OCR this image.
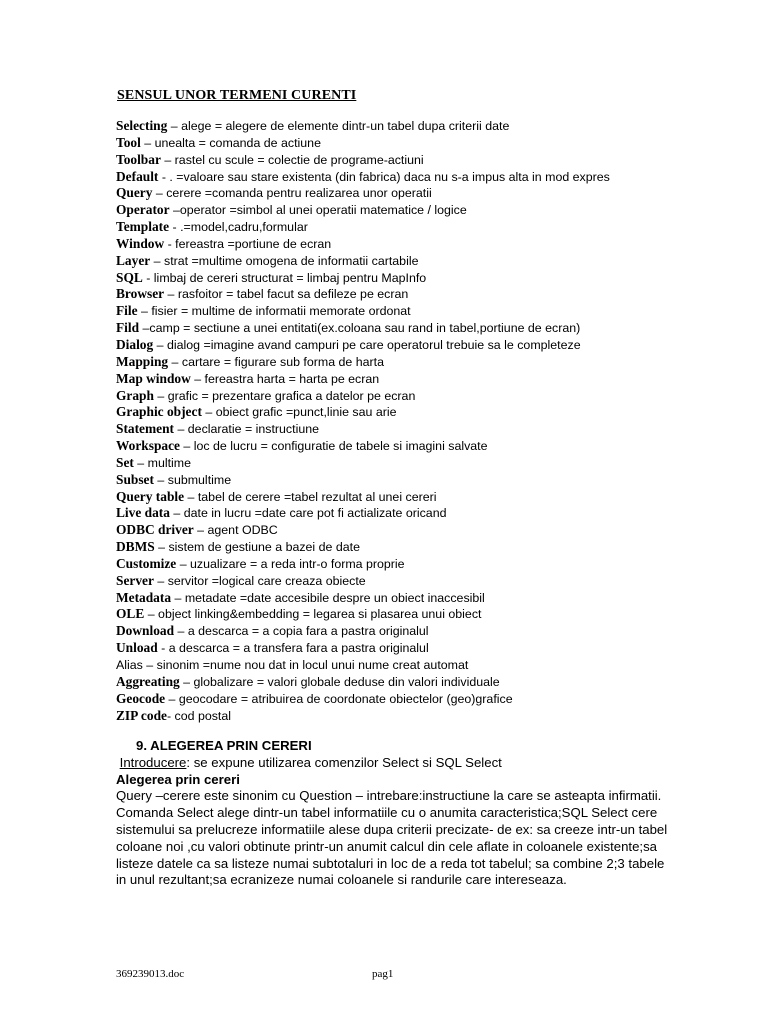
SENSUL UNOR TERMENI CURENTI

Selecting – alege = alegere de elemente dintr-un tabel dupa criterii date

Tool – unealta = comanda de actiune

Toolbar – rastel cu scule = colectie de programe-actiuni

Default - . =valoare sau stare existenta (din fabrica) daca nu s-a impus alta in mod expres

Query – cerere =comanda pentru realizarea unor operatii

Operator –operator =simbol al unei operatii matematice / logice

Template - .=model,cadru,formular

Window - fereastra =portiune de ecran

Layer – strat =multime omogena de informatii cartabile

SQL - limbaj de cereri structurat = limbaj pentru MapInfo

Browser – rasfoitor = tabel facut sa defileze pe ecran

File – fisier = multime de informatii memorate ordonat

Fild –camp = sectiune a unei entitati(ex.coloana sau rand in tabel,portiune de ecran)

Dialog – dialog =imagine avand campuri pe care operatorul trebuie sa le completeze

Mapping – cartare = figurare sub forma de harta

Map window – fereastra harta = harta pe ecran

Graph – grafic = prezentare grafica a datelor pe ecran

Graphic object – obiect grafic =punct,linie sau arie

Statement – declaratie = instructiune

Workspace – loc de lucru = configuratie de tabele si imagini salvate

Set – multime

Subset – submultime

Query table – tabel de cerere =tabel rezultat al unei cereri

Live data – date in lucru =date care pot fi actializate oricand

ODBC driver – agent ODBC

DBMS – sistem de gestiune a bazei de date

Customize – uzualizare = a reda intr-o forma proprie

Server – servitor =logical care creaza obiecte

Metadata – metadate =date accesibile despre un obiect inaccesibil

OLE – object linking&embedding = legarea si plasarea unui obiect

Download – a descarca = a copia fara a pastra originalul

Unload - a descarca = a transfera fara a pastra originalul

Alias – sinonim =nume nou dat in locul unui nume creat automat

Aggreating – globalizare = valori globale deduse din valori individuale

Geocode – geocodare = atribuirea de coordonate obiectelor (geo)grafice

ZIP code- cod postal

9. ALEGEREA PRIN CERERI

Introducere: se expune utilizarea comenzilor Select si SQL Select

Alegerea prin cereri

Query –cerere este sinonim cu Question – intrebare:instructiune la care se asteapta infirmatii.

Comanda Select alege dintr-un tabel informatiile cu o anumita caracteristica;SQL Select cere sistemului sa prelucreze informatiile alese dupa criterii precizate- de ex: sa creeze intr-un tabel coloane noi ,cu valori obtinute printr-un anumit calcul din cele aflate in coloanele existente;sa listeze datele ca sa listeze numai subtotaluri in loc de a reda tot tabelul; sa combine 2;3 tabele in unul rezultant;sa ecranizeze numai coloanele si randurile care intereseaza.

369239013.doc	pag1
